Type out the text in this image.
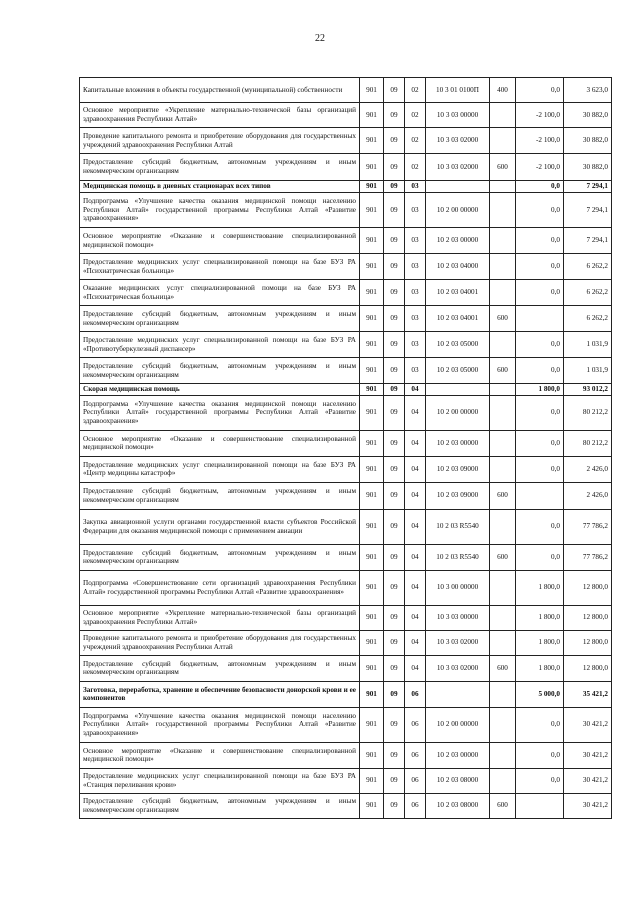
22
Капитальные вложения в объекты государственной (муниципальной) собственности	901	09	02	10 3 01 0100П	400	0,0	3 623,0
Основное мероприятие «Укрепление материально-технической базы организаций здравоохранения Республики Алтай»	901	09	02	10 3 03 00000		-2 100,0	30 882,0
Проведение капитального ремонта и приобретение оборудования для государственных учреждений здравоохранения Республики Алтай	901	09	02	10 3 03 02000		-2 100,0	30 882,0
Предоставление субсидий бюджетным, автономным учреждениям и иным некоммерческим организациям	901	09	02	10 3 03 02000	600	-2 100,0	30 882,0
Медицинская помощь в дневных стационарах всех типов	901	09	03			0,0	7 294,1
Подпрограмма «Улучшение качества оказания медицинской помощи населению Республики Алтай» государственной программы Республики Алтай «Развитие здравоохранения»	901	09	03	10 2 00 00000		0,0	7 294,1
Основное мероприятие «Оказание и совершенствование специализированной медицинской помощи»	901	09	03	10 2 03 00000		0,0	7 294,1
Предоставление медицинских услуг специализированной помощи на базе БУЗ РА «Психиатрическая больница»	901	09	03	10 2 03 04000		0,0	6 262,2
Оказание медицинских услуг специализированной помощи на базе БУЗ РА «Психиатрическая больница»	901	09	03	10 2 03 04001		0,0	6 262,2
Предоставление субсидий бюджетным, автономным учреждениям и иным некоммерческим организациям	901	09	03	10 2 03 04001	600		6 262,2
Предоставление медицинских услуг специализированной помощи на базе БУЗ РА «Противотуберкулезный диспансер»	901	09	03	10 2 03 05000		0,0	1 031,9
Предоставление субсидий бюджетным, автономным учреждениям и иным некоммерческим организациям	901	09	03	10 2 03 05000	600	0,0	1 031,9
Скорая медицинская помощь	901	09	04			1 800,0	93 012,2
Подпрограмма «Улучшение качества оказания медицинской помощи населению Республики Алтай» государственной программы Республики Алтай «Развитие здравоохранения»	901	09	04	10 2 00 00000		0,0	80 212,2
Основное мероприятие «Оказание и совершенствование специализированной медицинской помощи»	901	09	04	10 2 03 00000		0,0	80 212,2
Предоставление медицинских услуг специализированной помощи на базе БУЗ РА «Центр медицины катастроф»	901	09	04	10 2 03 09000		0,0	2 426,0
Предоставление субсидий бюджетным, автономным учреждениям и иным некоммерческим организациям	901	09	04	10 2 03 09000	600		2 426,0
Закупка авиационной услуги органами государственной власти субъектов Российской Федерации для оказания медицинской помощи с применением авиации	901	09	04	10 2 03 R5540		0,0	77 786,2
Предоставление субсидий бюджетным, автономным учреждениям и иным некоммерческим организациям	901	09	04	10 2 03 R5540	600	0,0	77 786,2
Подпрограмма «Совершенствование сети организаций здравоохранения Республики Алтай» государственной программы Республики Алтай «Развитие здравоохранения»	901	09	04	10 3 00 00000		1 800,0	12 800,0
Основное мероприятие «Укрепление материально-технической базы организаций здравоохранения Республики Алтай»	901	09	04	10 3 03 00000		1 800,0	12 800,0
Проведение капитального ремонта и приобретение оборудования для государственных учреждений здравоохранения Республики Алтай	901	09	04	10 3 03 02000		1 800,0	12 800,0
Предоставление субсидий бюджетным, автономным учреждениям и иным некоммерческим организациям	901	09	04	10 3 03 02000	600	1 800,0	12 800,0
Заготовка, переработка, хранение и обеспечение безопасности донорской крови и ее компонентов	901	09	06			5 000,0	35 421,2
Подпрограмма «Улучшение качества оказания медицинской помощи населению Республики Алтай» государственной программы Республики Алтай «Развитие здравоохранения»	901	09	06	10 2 00 00000		0,0	30 421,2
Основное мероприятие «Оказание и совершенствование специализированной медицинской помощи»	901	09	06	10 2 03 00000		0,0	30 421,2
Предоставление медицинских услуг специализированной помощи на базе БУЗ РА «Станция переливания крови»	901	09	06	10 2 03 08000		0,0	30 421,2
Предоставление субсидий бюджетным, автономным учреждениям и иным некоммерческим организациям	901	09	06	10 2 03 08000	600		30 421,2
